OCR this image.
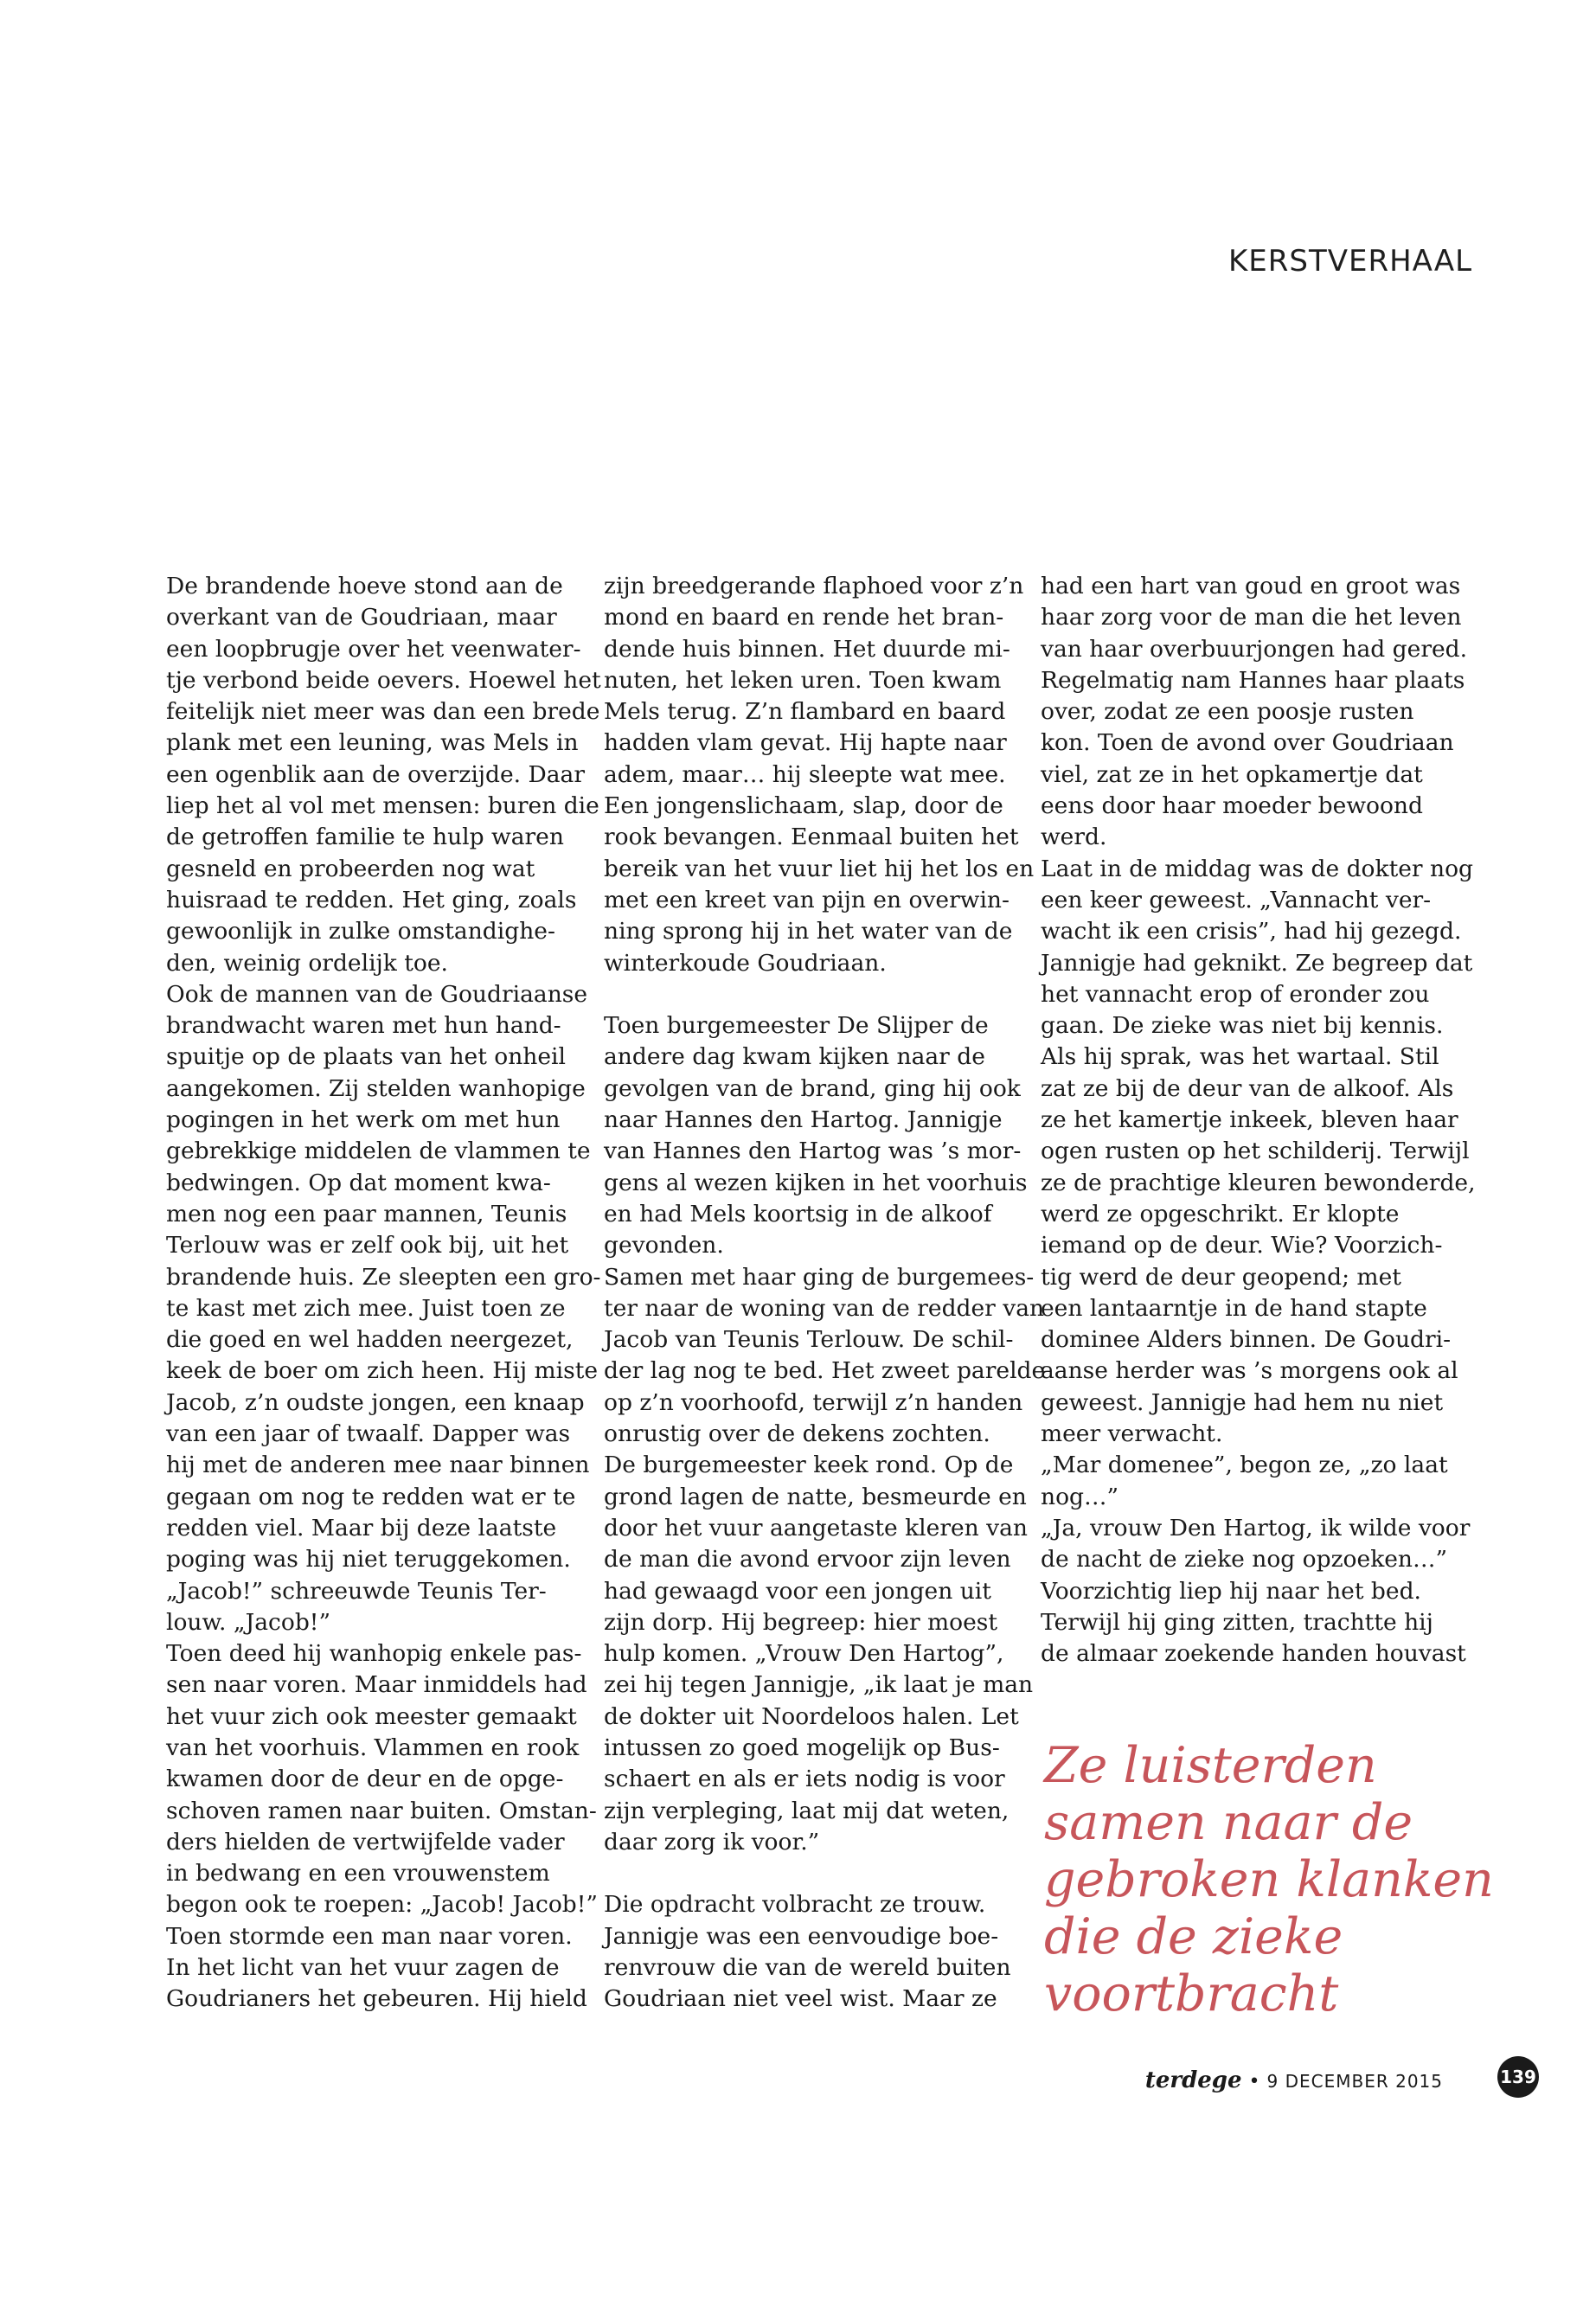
KERSTVERHAAL

De brandende hoeve stond aan de

overkant van de Goudriaan, maar

een loopbrugje over het veenwater-

tje verbond beide oevers. Hoewel het

feitelijk niet meer was dan een brede

plank met een leuning, was Mels in

een ogenblik aan de overzijde. Daar

liep het al vol met mensen: buren die

de getroffen familie te hulp waren

gesneld en probeerden nog wat

huisraad te redden. Het ging, zoals

gewoonlijk in zulke omstandighe-

den, weinig ordelijk toe.

Ook de mannen van de Goudriaanse

brandwacht waren met hun hand-

spuitje op de plaats van het onheil

aangekomen. Zij stelden wanhopige

pogingen in het werk om met hun

gebrekkige middelen de vlammen te

bedwingen. Op dat moment kwa-

men nog een paar mannen, Teunis

Terlouw was er zelf ook bij, uit het

brandende huis. Ze sleepten een gro-

te kast met zich mee. Juist toen ze

die goed en wel hadden neergezet,

keek de boer om zich heen. Hij miste

Jacob, z’n oudste jongen, een knaap

van een jaar of twaalf. Dapper was

hij met de anderen mee naar binnen

gegaan om nog te redden wat er te

redden viel. Maar bij deze laatste

poging was hij niet teruggekomen.

„Jacob!” schreeuwde Teunis Ter-

louw. „Jacob!”

Toen deed hij wanhopig enkele pas-

sen naar voren. Maar inmiddels had

het vuur zich ook meester gemaakt

van het voorhuis. Vlammen en rook

kwamen door de deur en de opge-

schoven ramen naar buiten. Omstan-

ders hielden de vertwijfelde vader

in bedwang en een vrouwenstem

begon ook te roepen: „Jacob! Jacob!”

Toen stormde een man naar voren.

In het licht van het vuur zagen de

Goudrianers het gebeuren. Hij hield

zijn breedgerande flaphoed voor z’n

mond en baard en rende het bran-

dende huis binnen. Het duurde mi-

nuten, het leken uren. Toen kwam

Mels terug. Z’n flambard en baard

hadden vlam gevat. Hij hapte naar

adem, maar… hij sleepte wat mee.

Een jongenslichaam, slap, door de

rook bevangen. Eenmaal buiten het

bereik van het vuur liet hij het los en

met een kreet van pijn en overwin-

ning sprong hij in het water van de

winterkoude Goudriaan.

Toen burgemeester De Slijper de

andere dag kwam kijken naar de

gevolgen van de brand, ging hij ook

naar Hannes den Hartog. Jannigje

van Hannes den Hartog was ’s mor-

gens al wezen kijken in het voorhuis

en had Mels koortsig in de alkoof

gevonden.

Samen met haar ging de burgemees-

ter naar de woning van de redder van

Jacob van Teunis Terlouw. De schil-

der lag nog te bed. Het zweet parelde

op z’n voorhoofd, terwijl z’n handen

onrustig over de dekens zochten.

De burgemeester keek rond. Op de

grond lagen de natte, besmeurde en

door het vuur aangetaste kleren van

de man die avond ervoor zijn leven

had gewaagd voor een jongen uit

zijn dorp. Hij begreep: hier moest

hulp komen. „Vrouw Den Hartog”,

zei hij tegen Jannigje, „ik laat je man

de dokter uit Noordeloos halen. Let

intussen zo goed mogelijk op Bus-

schaert en als er iets nodig is voor

zijn verpleging, laat mij dat weten,

daar zorg ik voor.”

Die opdracht volbracht ze trouw.

Jannigje was een eenvoudige boe-

renvrouw die van de wereld buiten

Goudriaan niet veel wist. Maar ze

had een hart van goud en groot was

haar zorg voor de man die het leven

van haar overbuurjongen had gered.

Regelmatig nam Hannes haar plaats

over, zodat ze een poosje rusten

kon. Toen de avond over Goudriaan

viel, zat ze in het opkamertje dat

eens door haar moeder bewoond

werd.

Laat in de middag was de dokter nog

een keer geweest. „Vannacht ver-

wacht ik een crisis”, had hij gezegd.

Jannigje had geknikt. Ze begreep dat

het vannacht erop of eronder zou

gaan. De zieke was niet bij kennis.

Als hij sprak, was het wartaal. Stil

zat ze bij de deur van de alkoof. Als

ze het kamertje inkeek, bleven haar

ogen rusten op het schilderij. Terwijl

ze de prachtige kleuren bewonderde,

werd ze opgeschrikt. Er klopte

iemand op de deur. Wie? Voorzich-

tig werd de deur geopend; met

een lantaarntje in de hand stapte

dominee Alders binnen. De Goudri-

aanse herder was ’s morgens ook al

geweest. Jannigje had hem nu niet

meer verwacht.

„Mar domenee”, begon ze, „zo laat

nog…”

„Ja, vrouw Den Hartog, ik wilde voor

de nacht de zieke nog opzoeken…”

Voorzichtig liep hij naar het bed.

Terwijl hij ging zitten, trachtte hij

de almaar zoekende handen houvast

Ze luisterden

samen naar de

gebroken klanken

die de zieke

voortbracht

terdege • 9 DECEMBER 2015	139
